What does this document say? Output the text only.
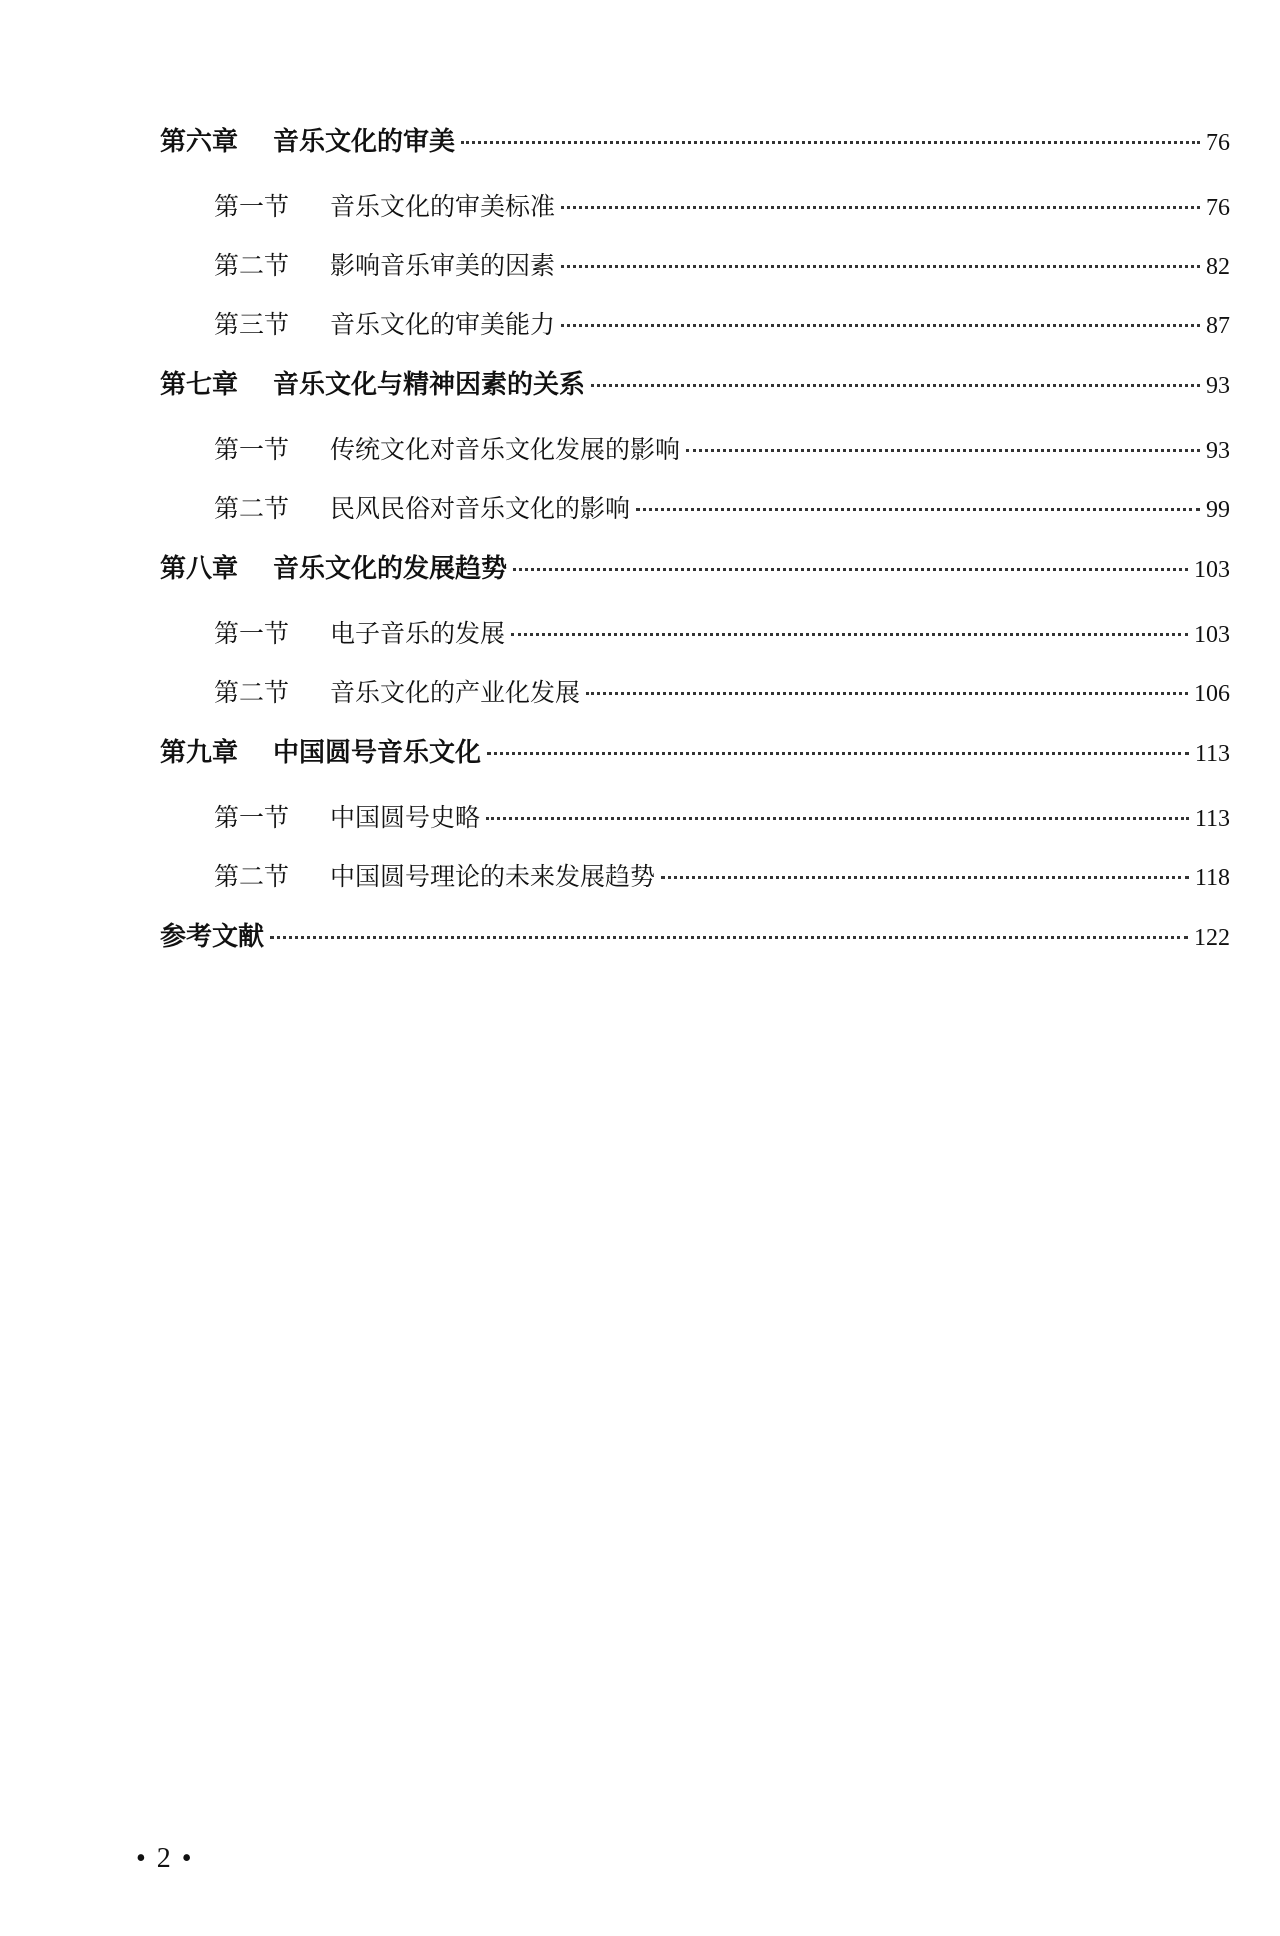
第六章	音乐文化的审美	76
第一节	音乐文化的审美标准	76
第二节	影响音乐审美的因素	82
第三节	音乐文化的审美能力	87
第七章	音乐文化与精神因素的关系	93
第一节	传统文化对音乐文化发展的影响	93
第二节	民风民俗对音乐文化的影响	99
第八章	音乐文化的发展趋势	103
第一节	电子音乐的发展	103
第二节	音乐文化的产业化发展	106
第九章	中国圆号音乐文化	113
第一节	中国圆号史略	113
第二节	中国圆号理论的未来发展趋势	118
参考文献	122
• 2 •
